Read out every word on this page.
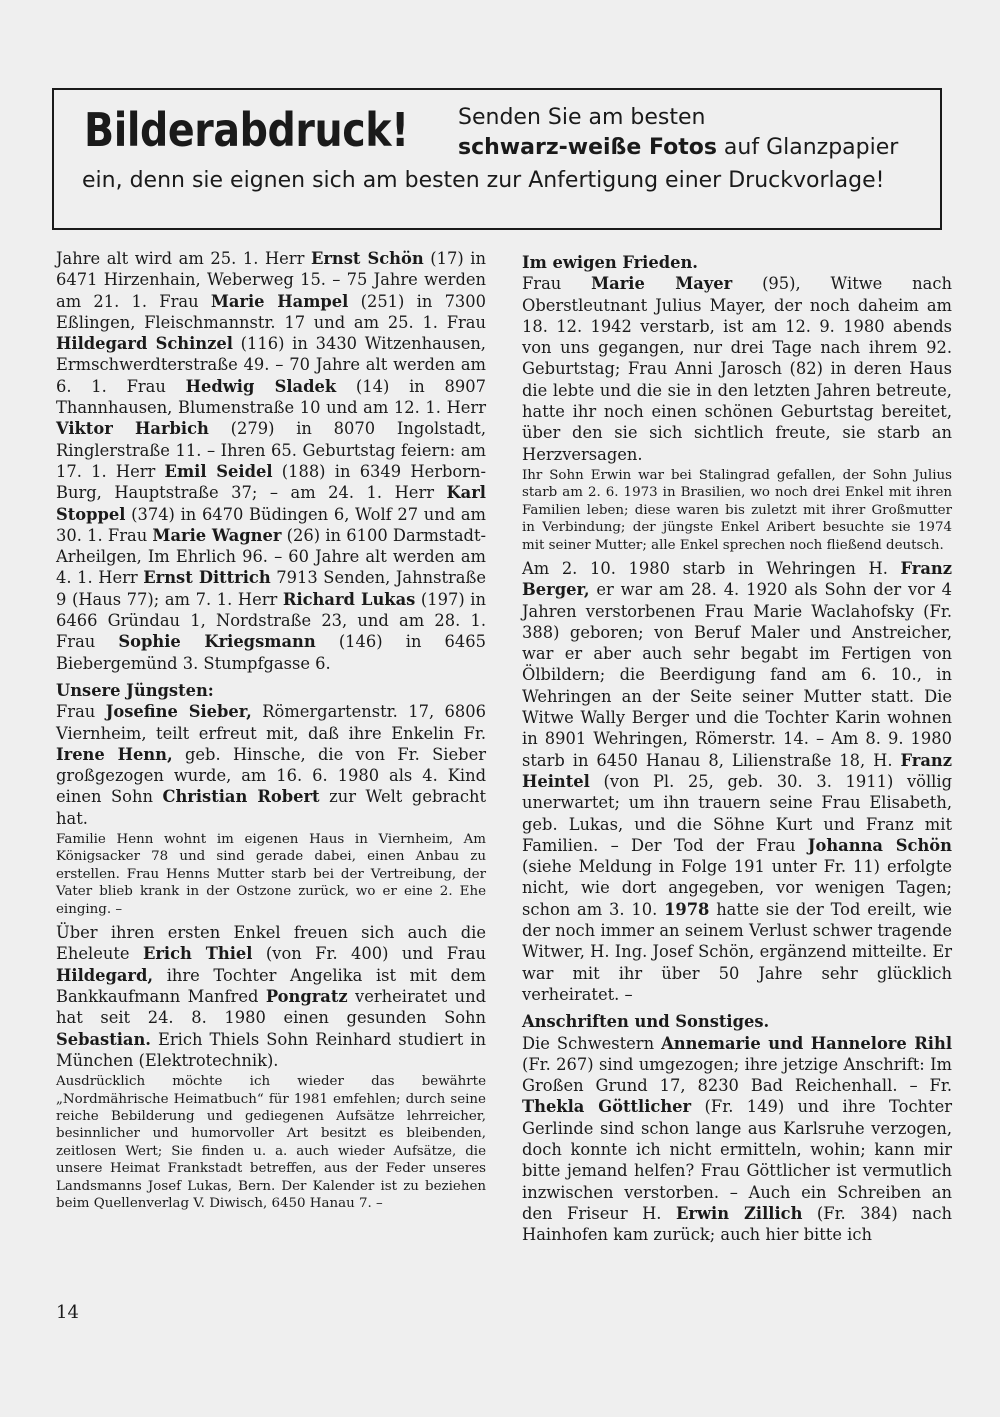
Bilderabdruck! Senden Sie am besten
schwarz-weiße Fotos auf Glanzpapier
ein, denn sie eignen sich am besten zur Anfertigung einer Druckvorlage!

Jahre alt wird am 25. 1. Herr Ernst Schön (17) in 6471 Hirzenhain, Weberweg 15. – 75 Jahre werden am 21. 1. Frau Marie Hampel (251) in 7300 Eßlingen, Fleischmannstr. 17 und am 25. 1. Frau Hildegard Schinzel (116) in 3430 Witzenhausen, Ermschwerdterstraße 49. – 70 Jahre alt werden am 6. 1. Frau Hedwig Sladek (14) in 8907 Thannhausen, Blumenstraße 10 und am 12. 1. Herr Viktor Harbich (279) in 8070 Ingolstadt, Ringlerstraße 11. – Ihren 65. Geburtstag feiern: am 17. 1. Herr Emil Seidel (188) in 6349 Herborn-Burg, Hauptstraße 37; – am 24. 1. Herr Karl Stoppel (374) in 6470 Büdingen 6, Wolf 27 und am 30. 1. Frau Marie Wagner (26) in 6100 Darmstadt-Arheilgen, Im Ehrlich 96. – 60 Jahre alt werden am 4. 1. Herr Ernst Dittrich 7913 Senden, Jahnstraße 9 (Haus 77); am 7. 1. Herr Richard Lukas (197) in 6466 Gründau 1, Nordstraße 23, und am 28. 1. Frau Sophie Kriegsmann (146) in 6465 Biebergemünd 3. Stumpfgasse 6.

Unsere Jüngsten:

Frau Josefine Sieber, Römergartenstr. 17, 6806 Viernheim, teilt erfreut mit, daß ihre Enkelin Fr. Irene Henn, geb. Hinsche, die von Fr. Sieber großgezogen wurde, am 16. 6. 1980 als 4. Kind einen Sohn Christian Robert zur Welt gebracht hat.

Familie Henn wohnt im eigenen Haus in Viernheim, Am Königsacker 78 und sind gerade dabei, einen Anbau zu erstellen. Frau Henns Mutter starb bei der Vertreibung, der Vater blieb krank in der Ostzone zurück, wo er eine 2. Ehe einging. –

Über ihren ersten Enkel freuen sich auch die Eheleute Erich Thiel (von Fr. 400) und Frau Hildegard, ihre Tochter Angelika ist mit dem Bankkaufmann Manfred Pongratz verheiratet und hat seit 24. 8. 1980 einen gesunden Sohn Sebastian. Erich Thiels Sohn Reinhard studiert in München (Elektrotechnik).

Ausdrücklich möchte ich wieder das bewährte „Nordmährische Heimatbuch“ für 1981 emfehlen; durch seine reiche Bebilderung und gediegenen Aufsätze lehrreicher, besinnlicher und humorvoller Art besitzt es bleibenden, zeitlosen Wert; Sie finden u. a. auch wieder Aufsätze, die unsere Heimat Frankstadt betreffen, aus der Feder unseres Landsmanns Josef Lukas, Bern. Der Kalender ist zu beziehen beim Quellenverlag V. Diwisch, 6450 Hanau 7. –

Im ewigen Frieden.

Frau Marie Mayer (95), Witwe nach Oberstleutnant Julius Mayer, der noch daheim am 18. 12. 1942 verstarb, ist am 12. 9. 1980 abends von uns gegangen, nur drei Tage nach ihrem 92. Geburtstag; Frau Anni Jarosch (82) in deren Haus die lebte und die sie in den letzten Jahren betreute, hatte ihr noch einen schönen Geburtstag bereitet, über den sie sich sichtlich freute, sie starb an Herzversagen.

Ihr Sohn Erwin war bei Stalingrad gefallen, der Sohn Julius starb am 2. 6. 1973 in Brasilien, wo noch drei Enkel mit ihren Familien leben; diese waren bis zuletzt mit ihrer Großmutter in Verbindung; der jüngste Enkel Aribert besuchte sie 1974 mit seiner Mutter; alle Enkel sprechen noch fließend deutsch.

Am 2. 10. 1980 starb in Wehringen H. Franz Berger, er war am 28. 4. 1920 als Sohn der vor 4 Jahren verstorbenen Frau Marie Waclahofsky (Fr. 388) geboren; von Beruf Maler und Anstreicher, war er aber auch sehr begabt im Fertigen von Ölbildern; die Beerdigung fand am 6. 10., in Wehringen an der Seite seiner Mutter statt. Die Witwe Wally Berger und die Tochter Karin wohnen in 8901 Wehringen, Römerstr. 14. – Am 8. 9. 1980 starb in 6450 Hanau 8, Lilienstraße 18, H. Franz Heintel (von Pl. 25, geb. 30. 3. 1911) völlig unerwartet; um ihn trauern seine Frau Elisabeth, geb. Lukas, und die Söhne Kurt und Franz mit Familien. – Der Tod der Frau Johanna Schön (siehe Meldung in Folge 191 unter Fr. 11) erfolgte nicht, wie dort angegeben, vor wenigen Tagen; schon am 3. 10. 1978 hatte sie der Tod ereilt, wie der noch immer an seinem Verlust schwer tragende Witwer, H. Ing. Josef Schön, ergänzend mitteilte. Er war mit ihr über 50 Jahre sehr glücklich verheiratet. –

Anschriften und Sonstiges.

Die Schwestern Annemarie und Hannelore Rihl (Fr. 267) sind umgezogen; ihre jetzige Anschrift: Im Großen Grund 17, 8230 Bad Reichenhall. – Fr. Thekla Göttlicher (Fr. 149) und ihre Tochter Gerlinde sind schon lange aus Karlsruhe verzogen, doch konnte ich nicht ermitteln, wohin; kann mir bitte jemand helfen? Frau Göttlicher ist vermutlich inzwischen verstorben. – Auch ein Schreiben an den Friseur H. Erwin Zillich (Fr. 384) nach Hainhofen kam zurück; auch hier bitte ich

14
